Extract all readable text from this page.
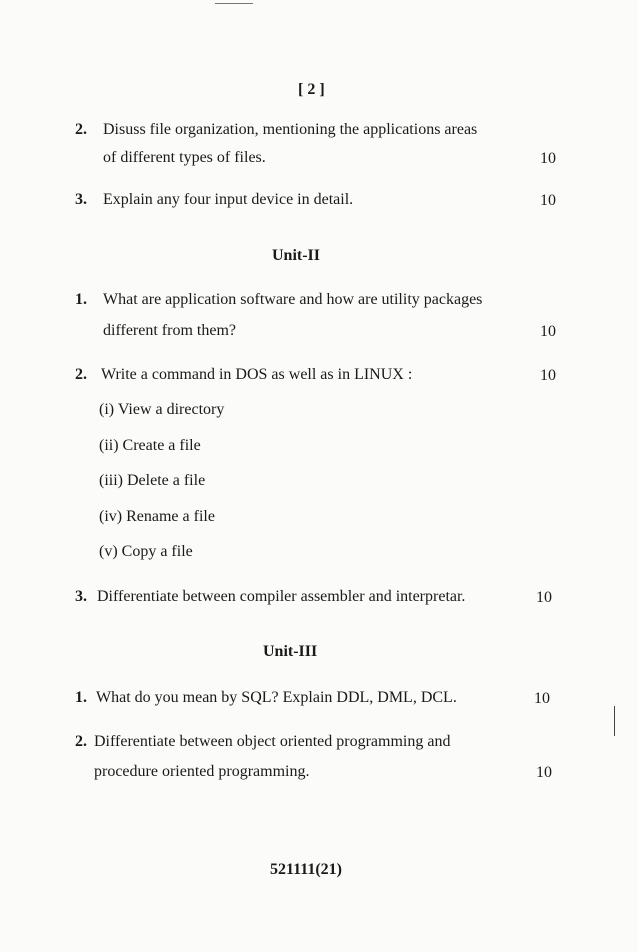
[ 2 ]
2. Disuss file organization, mentioning the applications areas
of different types of files.	10
3. Explain any four input device in detail.	10
Unit-II
1. What are application software and how are utility packages
different from them?	10
2. Write a command in DOS as well as in LINUX :	10
(i) View a directory
(ii) Create a file
(iii) Delete a file
(iv) Rename a file
(v) Copy a file
3. Differentiate between compiler assembler and interpretar.	10
Unit-III
1. What do you mean by SQL? Explain DDL, DML, DCL.	10
2. Differentiate between object oriented programming and
procedure oriented programming.	10
521111(21)
